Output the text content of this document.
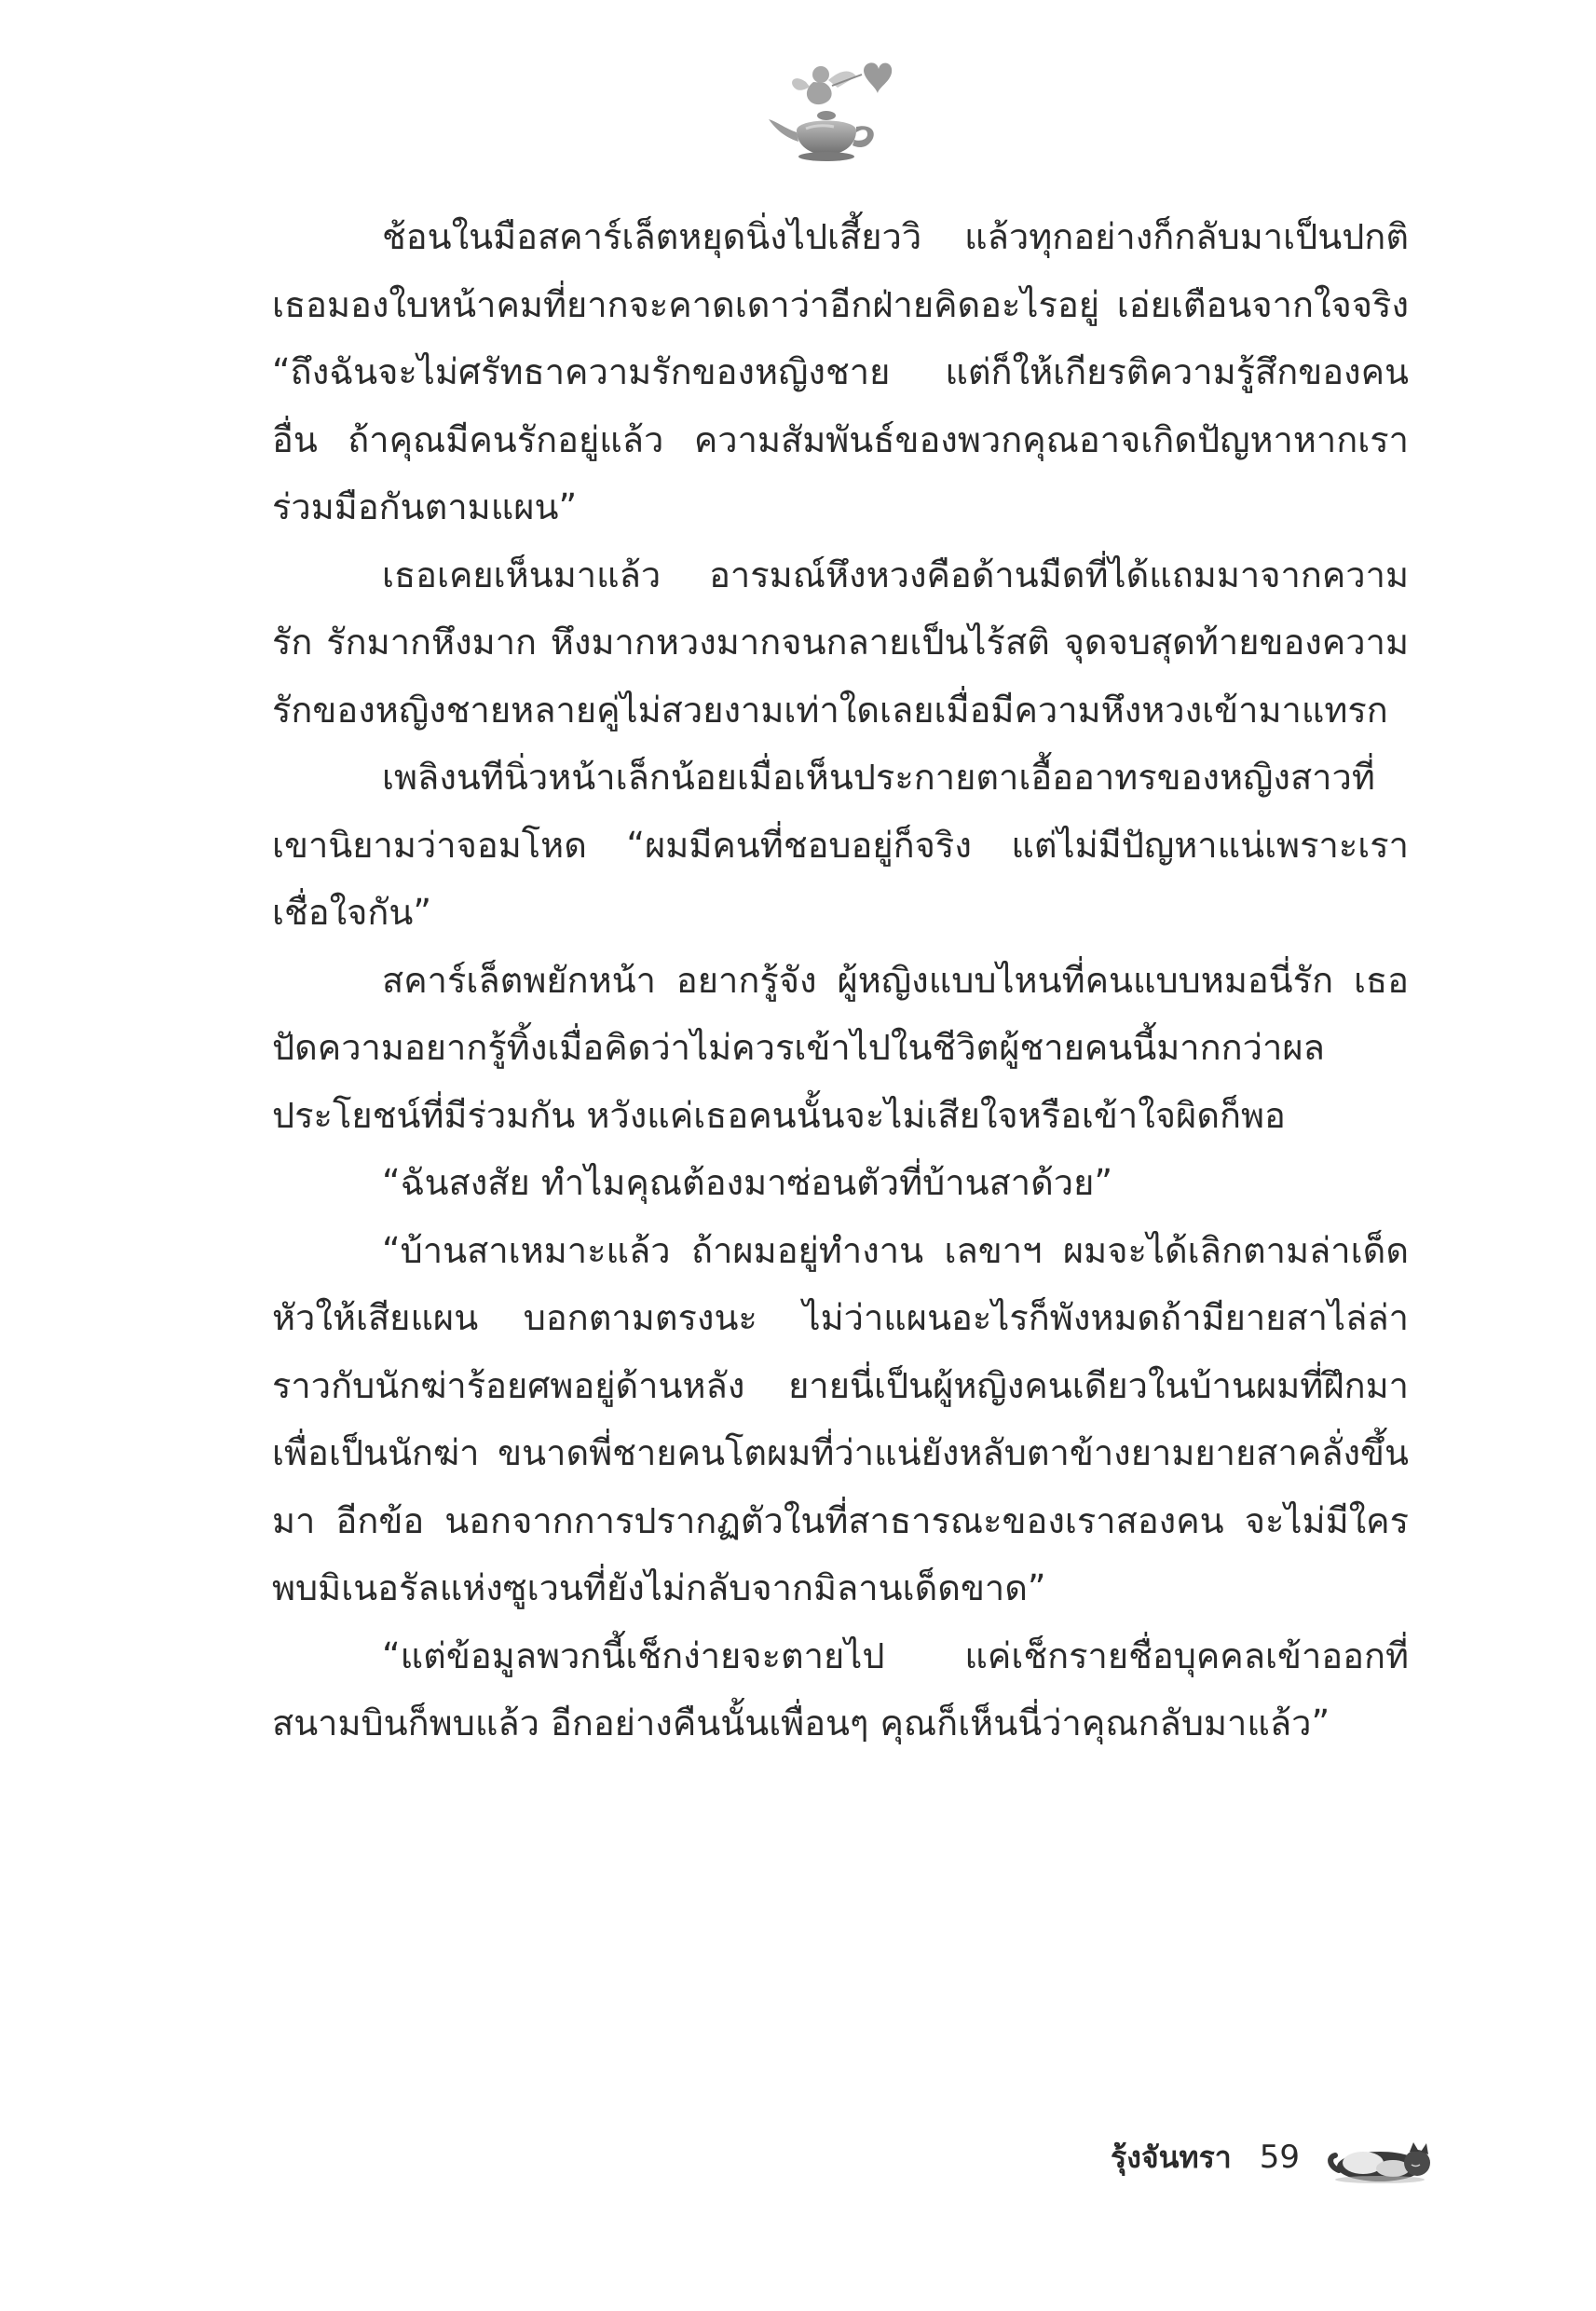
ช้อนในมือสคาร์เล็ตหยุดนิ่งไปเสี้ยววิ แล้วทุกอย่างก็กลับมาเป็นปกติ เธอมองใบหน้าคมที่ยากจะคาดเดาว่าอีกฝ่ายคิดอะไรอยู่ เอ่ยเตือนจากใจจริง “ถึงฉันจะไม่ศรัทธาความรักของหญิงชาย แต่ก็ให้เกียรติความรู้สึกของคนอื่น ถ้าคุณมีคนรักอยู่แล้ว ความสัมพันธ์ของพวกคุณอาจเกิดปัญหาหากเราร่วมมือกันตามแผน”

เธอเคยเห็นมาแล้ว อารมณ์หึงหวงคือด้านมืดที่ได้แถมมาจากความรัก รักมากหึงมาก หึงมากหวงมากจนกลายเป็นไร้สติ จุดจบสุดท้ายของความรักของหญิงชายหลายคู่ไม่สวยงามเท่าใดเลยเมื่อมีความหึงหวงเข้ามาแทรก

เพลิงนทีนิ่วหน้าเล็กน้อยเมื่อเห็นประกายตาเอื้ออาทรของหญิงสาวที่เขานิยามว่าจอมโหด “ผมมีคนที่ชอบอยู่ก็จริง แต่ไม่มีปัญหาแน่เพราะเราเชื่อใจกัน”

สคาร์เล็ตพยักหน้า อยากรู้จัง ผู้หญิงแบบไหนที่คนแบบหมอนี่รัก เธอปัดความอยากรู้ทิ้งเมื่อคิดว่าไม่ควรเข้าไปในชีวิตผู้ชายคนนี้มากกว่าผลประโยชน์ที่มีร่วมกัน หวังแค่เธอคนนั้นจะไม่เสียใจหรือเข้าใจผิดก็พอ

“ฉันสงสัย ทำไมคุณต้องมาซ่อนตัวที่บ้านสาด้วย”

“บ้านสาเหมาะแล้ว ถ้าผมอยู่ทำงาน เลขาฯ ผมจะได้เลิกตามล่าเด็ดหัวให้เสียแผน บอกตามตรงนะ ไม่ว่าแผนอะไรก็พังหมดถ้ามียายสาไล่ล่าราวกับนักฆ่าร้อยศพอยู่ด้านหลัง ยายนี่เป็นผู้หญิงคนเดียวในบ้านผมที่ฝึกมาเพื่อเป็นนักฆ่า ขนาดพี่ชายคนโตผมที่ว่าแน่ยังหลับตาข้างยามยายสาคลั่งขึ้นมา อีกข้อ นอกจากการปรากฏตัวในที่สาธารณะของเราสองคน จะไม่มีใครพบมิเนอรัลแห่งซูเวนที่ยังไม่กลับจากมิลานเด็ดขาด”

“แต่ข้อมูลพวกนี้เช็กง่ายจะตายไป แค่เช็กรายชื่อบุคคลเข้าออกที่สนามบินก็พบแล้ว อีกอย่างคืนนั้นเพื่อนๆ คุณก็เห็นนี่ว่าคุณกลับมาแล้ว”

รุ้งจันทรา 59
